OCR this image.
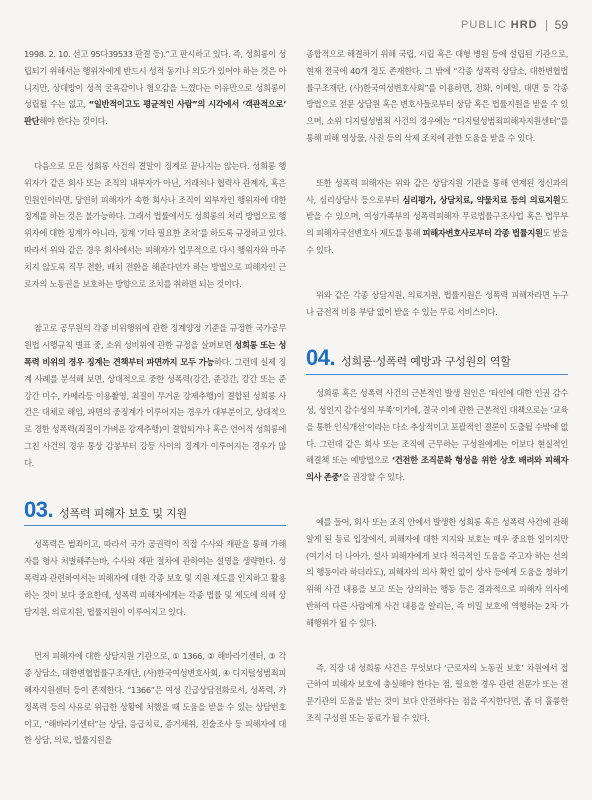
PUBLIC HRD 59

1998. 2. 10. 선고 95다39533 판결 등).”고 판시하고 있다. 즉, 성희롱이 성립되기 위해서는 행위자에게 반드시 성적 동기나 의도가 있어야 하는 것은 아니지만, 상대방이 성적 굴욕감이나 혐오감을 느꼈다는 이유만으로 성희롱이 성립될 수는 없고, “일반적이고도 평균적인 사람”의 시각에서 ‘객관적으로’ 판단해야 한다는 것이다.

다음으로 모든 성희롱 사건의 결말이 징계로 끝나지는 않는다. 성희롱 행위자가 같은 회사 또는 조직의 내부자가 아닌, 거래처나 협력사 관계자, 혹은 민원인이라면, 당연히 피해자가 속한 회사나 조직이 외부자인 행위자에 대한 징계를 하는 것은 불가능하다. 그래서 법률에서도 성희롱의 처리 방법으로 행위자에 대한 징계가 아니라, 징계 ‘기타 필요한 조치’를 하도록 규정하고 있다. 따라서 위와 같은 경우 회사에서는 피해자가 업무적으로 다시 행위자와 마주치지 않도록 직무 전환, 배치 전환을 해준다던가 하는 방법으로 피해자인 근로자의 노동권을 보호하는 방향으로 조치를 취하면 되는 것이다.

참고로 공무원의 각종 비위행위에 관한 징계양정 기준을 규정한 국가공무원법 시행규칙 별표 중, 소위 성비위에 관한 규정을 살펴보면 성희롱 또는 성폭력 비위의 경우 징계는 견책부터 파면까지 모두 가능하다. 그런데 실제 징계 사례를 분석해 보면, 상대적으로 중한 성폭력(강간, 준강간, 강간 또는 준강간 미수, 카메라등 이용촬영, 최질이 무거운 강제추행)이 결합된 성희롱 사건은 대체로 해임, 파면의 중징계가 이루어지는 경우가 대부분이고, 상대적으로 경한 성폭력(죄질이 가벼운 강제추행)이 결합되거나 혹은 언어적 성희롱에 그친 사건의 경우 통상 감봉부터 강등 사이의 징계가 이루어지는 경우가 많다.

03. 성폭력 피해자 보호 및 지원

성폭력은 범죄이고, 따라서 국가 공권력이 직접 수사와 재판을 통해 가해자를 형사 처벌해주는바, 수사와 재판 절차에 관하여는 설명을 생략한다. 성폭력과 관련하여서는 피해자에 대한 각종 보호 및 지원 제도를 인지하고 활용하는 것이 보다 중요한데, 성폭력 피해자에게는 각종 법률 및 제도에 의해 상담지원, 의료지원, 법률지원이 이루어지고 있다.

먼저 피해자에 대한 상담지원 기관으로, ① 1366, ② 해바라기센터, ③ 각종 상담소, 대한변협법률구조재단, (사)한국여성변호사회, ④ 디지털성범죄피해자지원센터 등이 존재한다. “1366”은 여성 긴급상담전화로서, 성폭력, 가정폭력 등의 사유로 위급한 상황에 처했을 때 도움을 받을 수 있는 상담번호이고, “해바라기센터”는 상담, 응급치료, 증거채취, 진술조사 등 피해자에 대한 상담, 의료, 법률지원을

종합적으로 해결하기 위해 국립, 시립 혹은 대형 병원 등에 설립된 기관으로, 현재 전국에 40개 정도 존재한다. 그 밖에 “각종 성폭력 상담소, 대한변협법률구조재단, (사)한국여성변호사회”를 이용하면, 전화, 이메일, 대면 등 각종 방법으로 전문 상담원 혹은 변호사들로부터 상담 혹은 법률지원을 받을 수 있으며, 소위 디지털성범죄 사건의 경우에는 “디지털성범죄피해자지원센터”를 통해 피해 영상물, 사진 등의 삭제 조치에 관한 도움을 받을 수 있다.

또한 성폭력 피해자는 위와 같은 상담지원 기관을 통해 연계된 정신과의사, 심리상담사 등으로부터 심리평가, 상담치료, 약물치료 등의 의료지원도 받을 수 있으며, 여성가족부의 성폭력피해자 무료법률구조사업 혹은 법무부의 피해자국선변호사 제도를 통해 피해자변호사로부터 각종 법률지원도 받을 수 있다.

위와 같은 각종 상담지원, 의료지원, 법률지원은 성폭력 피해자라면 누구나 금전적 비용 부담 없이 받을 수 있는 무료 서비스이다.

04. 성희롱·성폭력 예방과 구성원의 역할

성희롱 혹은 성폭력 사건의 근본적인 발생 원인은 ‘타인에 대한 인권 감수성, 성인지 감수성의 부족’이기에, 결국 이에 관한 근본적인 대책으로는 ‘교육을 통한 인식개선’이라는 다소 추상적이고 포괄적인 결론이 도출될 수밖에 없다. 그런데 같은 회사 또는 조직에 근무하는 구성원에게는 이보다 현실적인 해결책 또는 예방법으로 ‘건전한 조직문화 형성을 위한 상호 배려와 피해자 의사 존중’을 권장할 수 있다.

예를 들어, 회사 또는 조직 안에서 발생한 성희롱 혹은 성폭력 사건에 관해 알게 된 동료 입장에서, 피해자에 대한 지지와 보호는 매우 중요한 일이지만(여기서 더 나아가, 설사 피해자에게 보다 적극적인 도움을 주고자 하는 선의의 행동이라 하더라도), 피해자의 의사 확인 없이 상사 등에게 도움을 청하기 위해 사건 내용을 보고 또는 상의하는 행동 등은 결과적으로 피해자 의사에 반하여 다른 사람에게 사건 내용을 알리는, 즉 비밀 보호에 역행하는 2차 가해행위가 될 수 있다.

즉, 직장 내 성희롱 사건은 무엇보다 ‘근로자의 노동권 보호’ 차원에서 접근하여 피해자 보호에 충실해야 한다는 점, 필요한 경우 관련 전문가 또는 전문기관의 도움을 받는 것이 보다 안전하다는 점을 주지한다면, 좀 더 훌륭한 조직 구성원 또는 동료가 될 수 있다.
